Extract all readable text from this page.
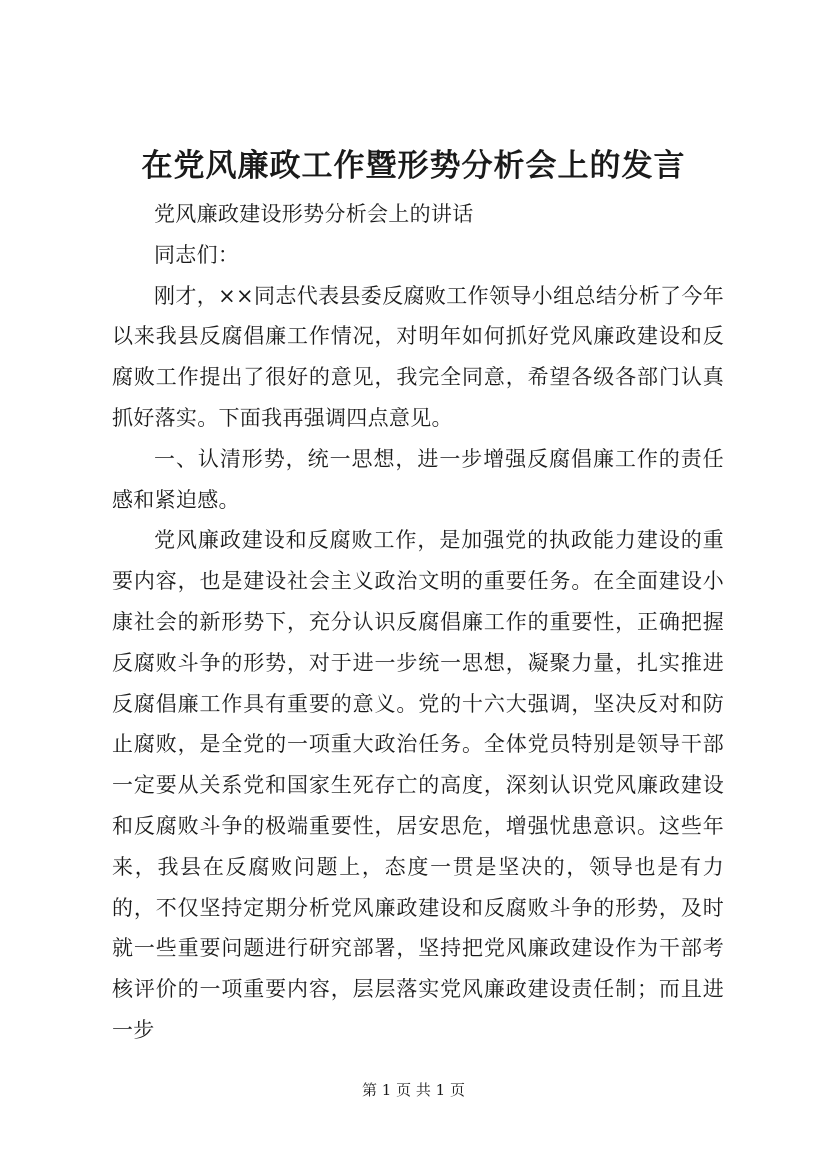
在党风廉政工作暨形势分析会上的发言

党风廉政建设形势分析会上的讲话

同志们：

刚才，××同志代表县委反腐败工作领导小组总结分析了今年以来我县反腐倡廉工作情况，对明年如何抓好党风廉政建设和反腐败工作提出了很好的意见，我完全同意，希望各级各部门认真抓好落实。下面我再强调四点意见。

一、认清形势，统一思想，进一步增强反腐倡廉工作的责任感和紧迫感。

党风廉政建设和反腐败工作，是加强党的执政能力建设的重要内容，也是建设社会主义政治文明的重要任务。在全面建设小康社会的新形势下，充分认识反腐倡廉工作的重要性，正确把握反腐败斗争的形势，对于进一步统一思想，凝聚力量，扎实推进反腐倡廉工作具有重要的意义。党的十六大强调，坚决反对和防止腐败，是全党的一项重大政治任务。全体党员特别是领导干部一定要从关系党和国家生死存亡的高度，深刻认识党风廉政建设和反腐败斗争的极端重要性，居安思危，增强忧患意识。这些年来，我县在反腐败问题上，态度一贯是坚决的，领导也是有力的，不仅坚持定期分析党风廉政建设和反腐败斗争的形势，及时就一些重要问题进行研究部署，坚持把党风廉政建设作为干部考核评价的一项重要内容，层层落实党风廉政建设责任制；而且进一步

第 1 页 共 1 页
